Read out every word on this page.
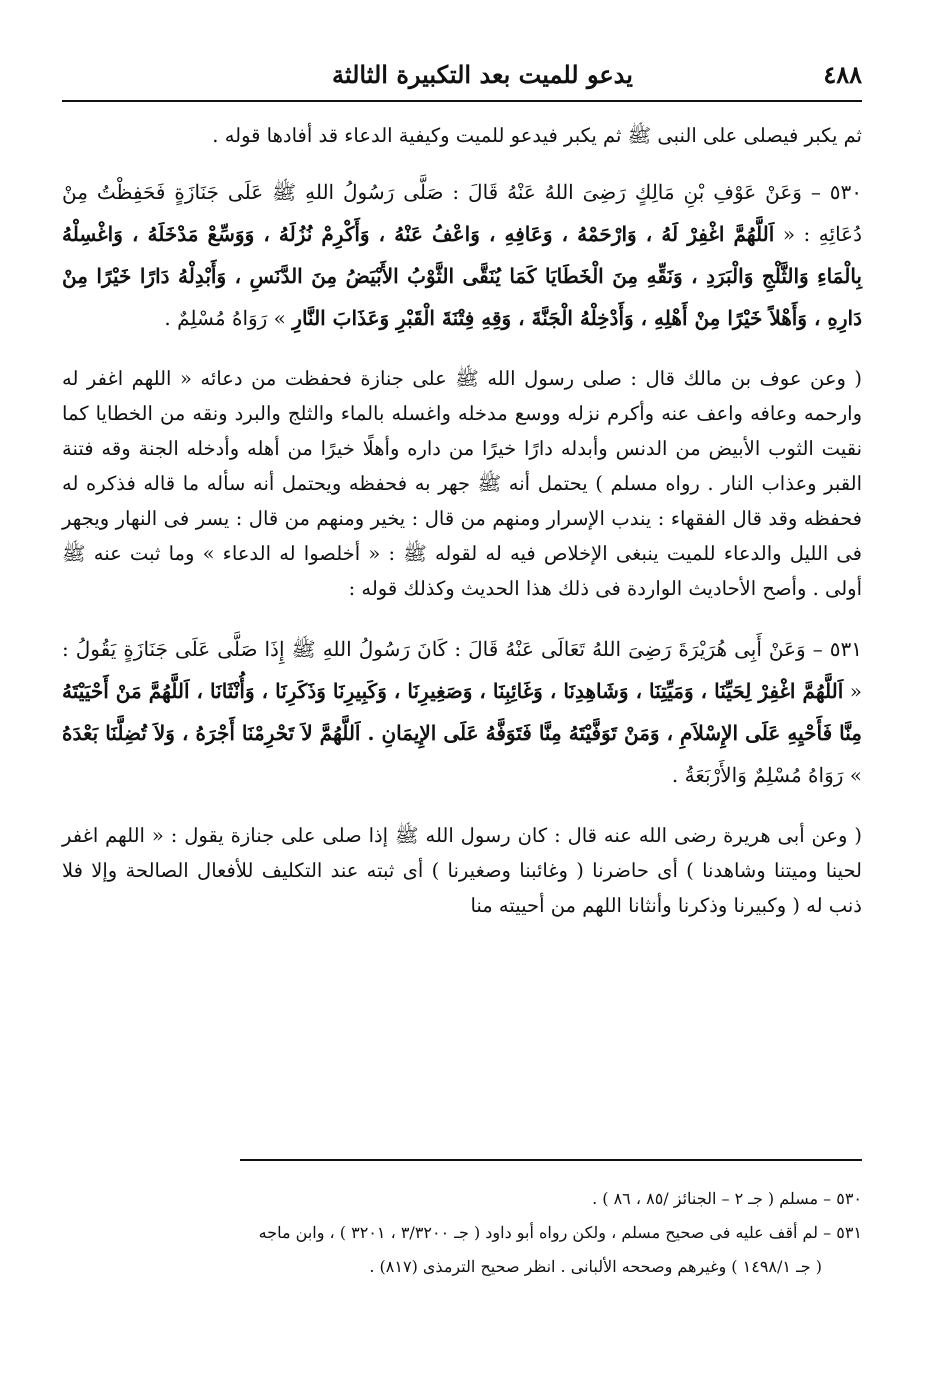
٤٨٨
يدعو للميت بعد التكبيرة الثالثة

ثم يكبر فيصلى على النبى ﷺ ثم يكبر فيدعو للميت وكيفية الدعاء قد أفادها قوله .

٥٣٠ – وَعَنْ عَوْفِ بْنِ مَالِكٍ رَضِىَ اللهُ عَنْهُ قَالَ : صَلَّى رَسُولُ اللهِ ﷺ عَلَى جَنَازَةٍ فَحَفِظْتُ مِنْ دُعَائِهِ : « اَللَّهُمَّ اغْفِرْ لَهُ ، وَارْحَمْهُ ، وَعَافِهِ ، وَاعْفُ عَنْهُ ، وَأَكْرِمْ نُزُلَهُ ، وَوَسِّعْ مَدْخَلَهُ ، وَاغْسِلْهُ بِالْمَاءِ وَالثَّلْجِ وَالْبَرَدِ ، وَنَقِّهِ مِنَ الْخَطَايَا كَمَا يُنَقَّى الثَّوْبُ الأَبْيَضُ مِنَ الدَّنَسِ ، وَأَبْدِلْهُ دَارًا خَيْرًا مِنْ دَارِهِ ، وَأَهْلاً خَيْرًا مِنْ أَهْلِهِ ، وَأَدْخِلْهُ الْجَنَّةَ ، وَقِهِ فِتْنَةَ الْقَبْرِ وَعَذَابَ النَّارِ » رَوَاهُ مُسْلِمٌ .

( وعن عوف بن مالك قال : صلى رسول الله ﷺ على جنازة فحفظت من دعائه « اللهم اغفر له وارحمه وعافه واعف عنه وأكرم نزله ووسع مدخله واغسله بالماء والثلج والبرد ونقه من الخطايا كما نقيت الثوب الأبيض من الدنس وأبدله دارًا خيرًا من داره وأهلًا خيرًا من أهله وأدخله الجنة وقه فتنة القبر وعذاب النار . رواه مسلم ) يحتمل أنه ﷺ جهر به فحفظه ويحتمل أنه سأله ما قاله فذكره له فحفظه وقد قال الفقهاء : يندب الإسرار ومنهم من قال : يخير ومنهم من قال : يسر فى النهار ويجهر فى الليل والدعاء للميت ينبغى الإخلاص فيه له لقوله ﷺ : « أخلصوا له الدعاء » وما ثبت عنه ﷺ أولى . وأصح الأحاديث الواردة فى ذلك هذا الحديث وكذلك قوله :

٥٣١ – وَعَنْ أَبِى هُرَيْرَةَ رَضِىَ اللهُ تَعَالَى عَنْهُ قَالَ : كَانَ رَسُولُ اللهِ ﷺ إِذَا صَلَّى عَلَى جَنَازَةٍ يَقُولُ : « اَللَّهُمَّ اغْفِرْ لِحَيِّنَا ، وَمَيِّتِنَا ، وَشَاهِدِنَا ، وَغَائِبِنَا ، وَصَغِيرِنَا ، وَكَبِيرِنَا وَذَكَرِنَا ، وَأُنْثَانَا ، اَللَّهُمَّ مَنْ أَحْيَيْتَهُ مِنَّا فَأَحْيِهِ عَلَى الإِسْلاَمِ ، وَمَنْ تَوَفَّيْتَهُ مِنَّا فَتَوَفَّهُ عَلَى الإِيمَانِ . اَللَّهُمَّ لاَ تَحْرِمْنَا أَجْرَهُ ، وَلاَ تُضِلَّنَا بَعْدَهُ » رَوَاهُ مُسْلِمٌ وَالأَرْبَعَةُ .

( وعن أبى هريرة رضى الله عنه قال : كان رسول الله ﷺ إذا صلى على جنازة يقول : « اللهم اغفر لحينا وميتنا وشاهدنا ) أى حاضرنا ( وغائبنا وصغيرنا ) أى ثبته عند التكليف للأفعال الصالحة وإلا فلا ذنب له ( وكبيرنا وذكرنا وأنثانا اللهم من أحييته منا

٥٣٠ – مسلم ( جـ ٢ – الجنائز /٨٥ ، ٨٦ ) .

٥٣١ – لم أقف عليه فى صحيح مسلم ، ولكن رواه أبو داود ( جـ ٣/٣٢٠٠ ، ٣٢٠١ ) ، وابن ماجه

( جـ ١٤٩٨/١ ) وغيرهم وصححه الألبانى . انظر صحيح الترمذى (٨١٧) .
